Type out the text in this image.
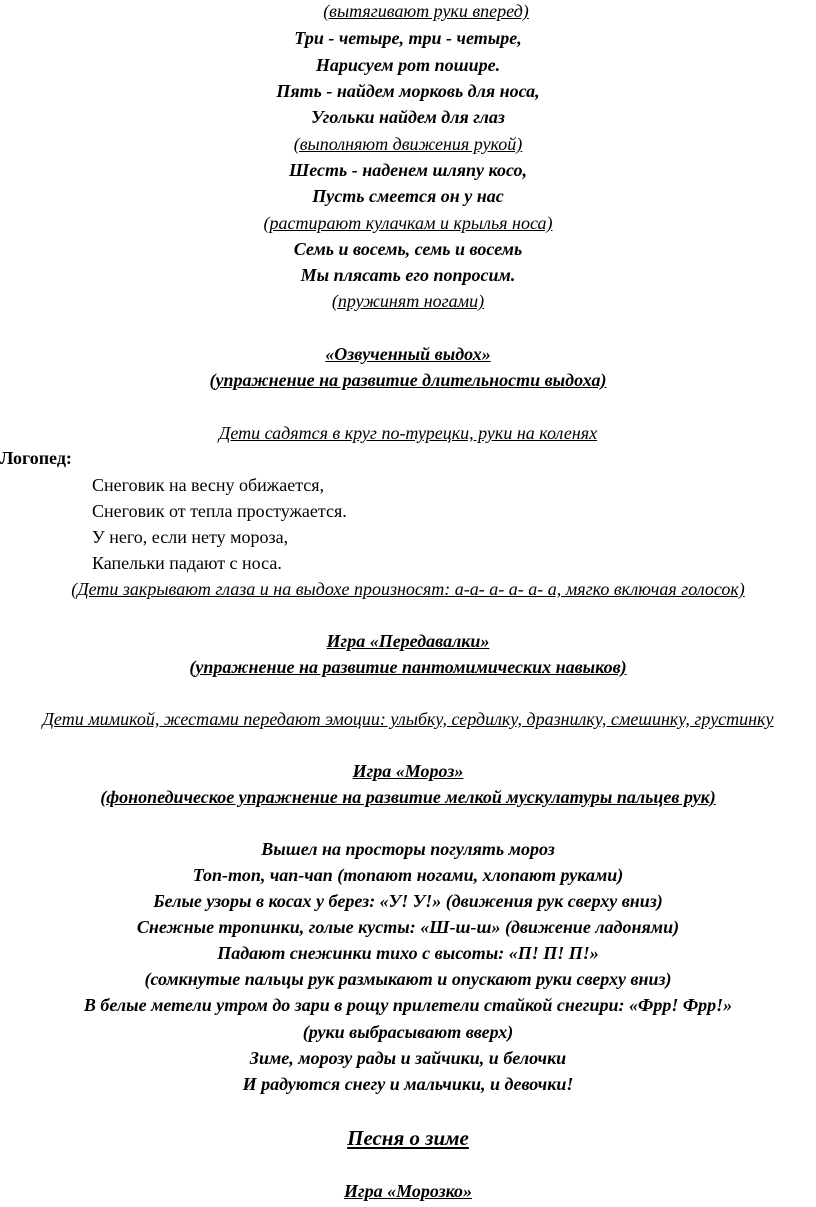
(вытягивают руки вперед)
Три - четыре, три - четыре,
Нарисуем рот пошире.
Пять - найдем морковь для носа,
Угольки найдем для глаз
(выполняют движения рукой)
Шесть - наденем шляпу косо,
Пусть смеется он у нас
(растирают кулачкам и крылья носа)
Семь и восемь, семь и восемь
Мы плясать его попросим.
(пружинят ногами)
«Озвученный выдох»
(упражнение на развитие длительности выдоха)
Дети садятся в круг по-турецки, руки на коленях
Логопед:
Снеговик на весну обижается,
Снеговик от тепла простужается.
У него, если нету мороза,
Капельки падают с носа.
(Дети закрывают глаза и на выдохе произносят: а-а- а- а- а- а, мягко включая голосок)
Игра «Передавалки»
(упражнение на развитие пантомимических навыков)
Дети мимикой, жестами передают эмоции: улыбку, сердилку, дразнилку, смешинку, грустинку
Игра «Мороз»
(фонопедическое упражнение на развитие мелкой мускулатуры пальцев рук)
Вышел на просторы погулять мороз
Топ-топ, чап-чап (топают ногами, хлопают руками)
Белые узоры в косах у берез: «У! У!» (движения рук сверху вниз)
Снежные тропинки, голые кусты: «Ш-ш-ш» (движение ладонями)
Падают снежинки тихо с высоты: «П! П! П!»
(сомкнутые пальцы рук размыкают и опускают руки сверху вниз)
В белые метели утром до зари в рощу прилетели стайкой снегири: «Фрр! Фрр!»
(руки выбрасывают вверх)
Зиме, морозу рады и зайчики, и белочки
И радуются снегу и мальчики, и девочки!
Песня о зиме
Игра «Морозко»
